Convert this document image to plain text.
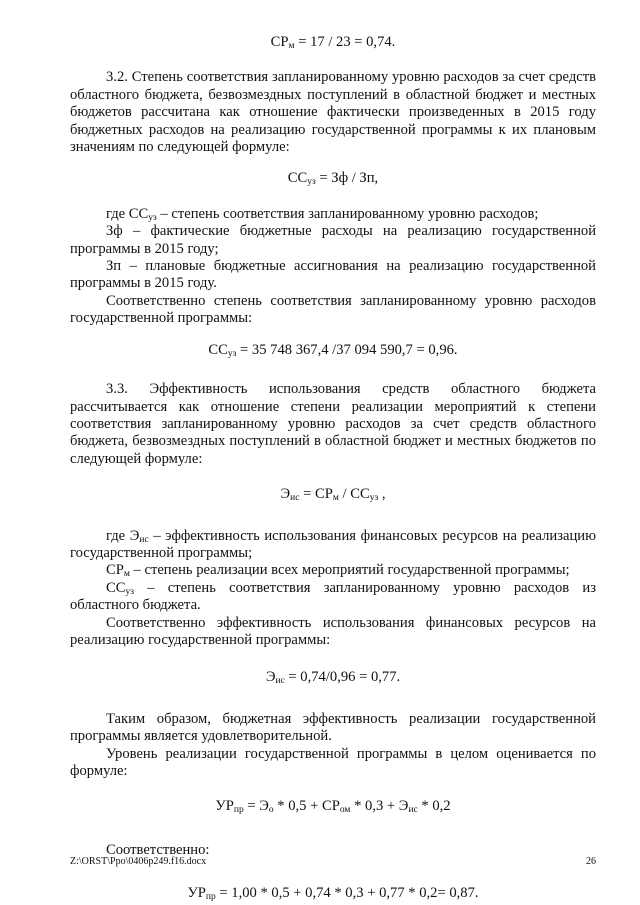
$СР_м = 17 / 23 = 0,74$.

3.2. Степень соответствия запланированному уровню расходов за счет средств областного бюджета, безвозмездных поступлений в областной бюджет и местных бюджетов рассчитана как отношение фактически произведенных в 2015 году бюджетных расходов на реализацию государственной программы к их плановым значениям по следующей формуле:

$СС_{уз}$ = Зф / Зп,

где $СС_{уз}$ – степень соответствия запланированному уровню расходов;

Зф – фактические бюджетные расходы на реализацию государственной программы в 2015 году;

Зп – плановые бюджетные ассигнования на реализацию государственной программы в 2015 году.

Соответственно степень соответствия запланированному уровню расходов государственной программы:

$СС_{уз} = 35$ 748 367,4 /37 094 590,7 = 0,96.

3.3. Эффективность использования средств областного бюджета рассчитывается как отношение степени реализации мероприятий к степени соответствия запланированному уровню расходов за счет средств областного бюджета, безвозмездных поступлений в областной бюджет и местных бюджетов по следующей формуле:

$Э_{ис} = СР_м / СС_{уз}$ ,

где $Э_{ис}$ – эффективность использования финансовых ресурсов на реализацию государственной программы;

$СР_м$ – степень реализации всех мероприятий государственной программы;

$СС_{уз}$ – степень соответствия запланированному уровню расходов из областного бюджета.

Соответственно эффективность использования финансовых ресурсов на реализацию государственной программы:

$Э_{ис} = 0,74/0,96 = 0,77$.

Таким образом, бюджетная эффективность реализации государственной программы является удовлетворительной.

Уровень реализации государственной программы в целом оценивается по формуле:

$УР_{пр} = Э_о * 0,5 + СР_{ом} * 0,3 + Э_{ис} * 0,2$

Соответственно:

$УР_{пр} = 1,00 * 0,5 + 0,74 * 0,3 + 0,77 * 0,2= 0,87$.
Z:\ORST\Ppo\0406p249.f16.docx	26
